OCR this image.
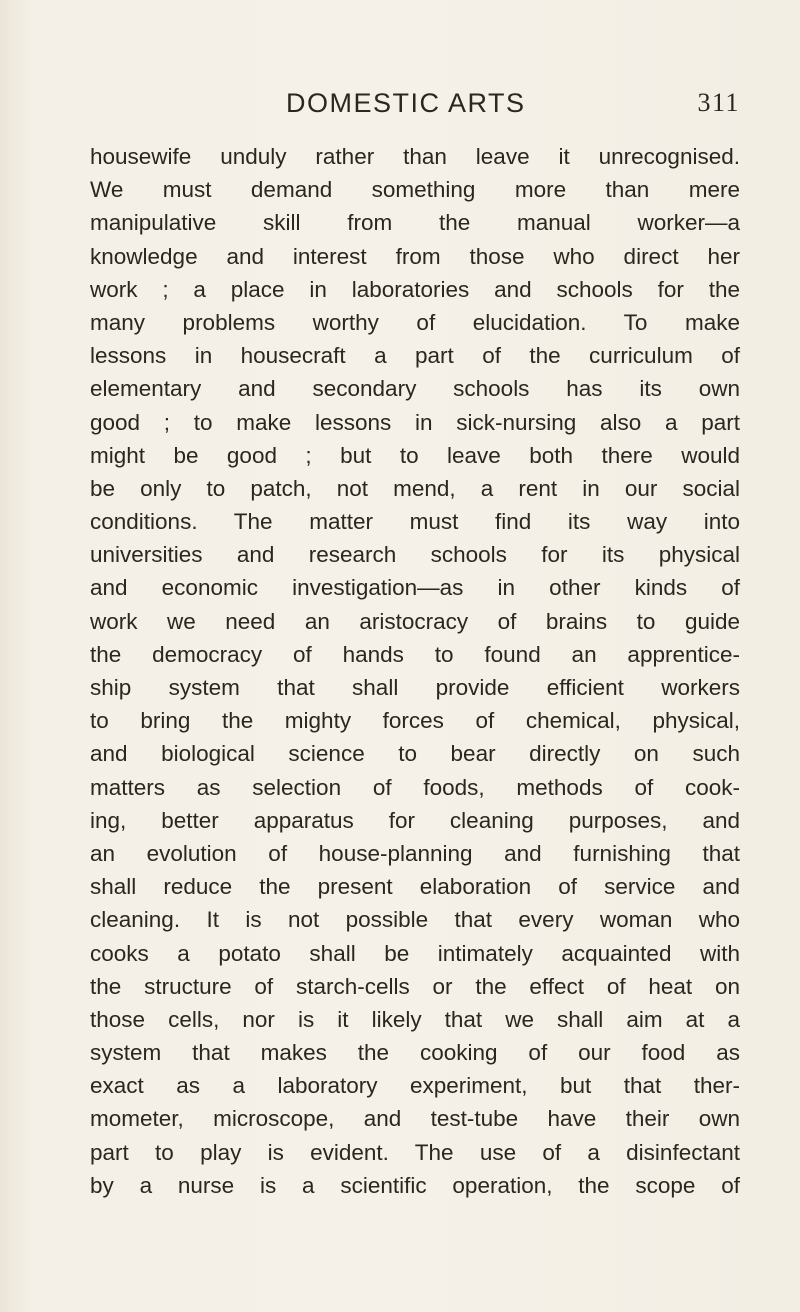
DOMESTIC ARTS	311
housewife unduly rather than leave it unrecognised.
We must demand something more than mere
manipulative skill from the manual worker—a
knowledge and interest from those who direct her
work ; a place in laboratories and schools for the
many problems worthy of elucidation. To make
lessons in housecraft a part of the curriculum of
elementary and secondary schools has its own
good ; to make lessons in sick-nursing also a part
might be good ; but to leave both there would
be only to patch, not mend, a rent in our social
conditions. The matter must find its way into
universities and research schools for its physical
and economic investigation—as in other kinds of
work we need an aristocracy of brains to guide
the democracy of hands to found an apprentice-
ship system that shall provide efficient workers
to bring the mighty forces of chemical, physical,
and biological science to bear directly on such
matters as selection of foods, methods of cook-
ing, better apparatus for cleaning purposes, and
an evolution of house-planning and furnishing that
shall reduce the present elaboration of service and
cleaning. It is not possible that every woman who
cooks a potato shall be intimately acquainted with
the structure of starch-cells or the effect of heat on
those cells, nor is it likely that we shall aim at a
system that makes the cooking of our food as
exact as a laboratory experiment, but that ther-
mometer, microscope, and test-tube have their own
part to play is evident. The use of a disinfectant
by a nurse is a scientific operation, the scope of
